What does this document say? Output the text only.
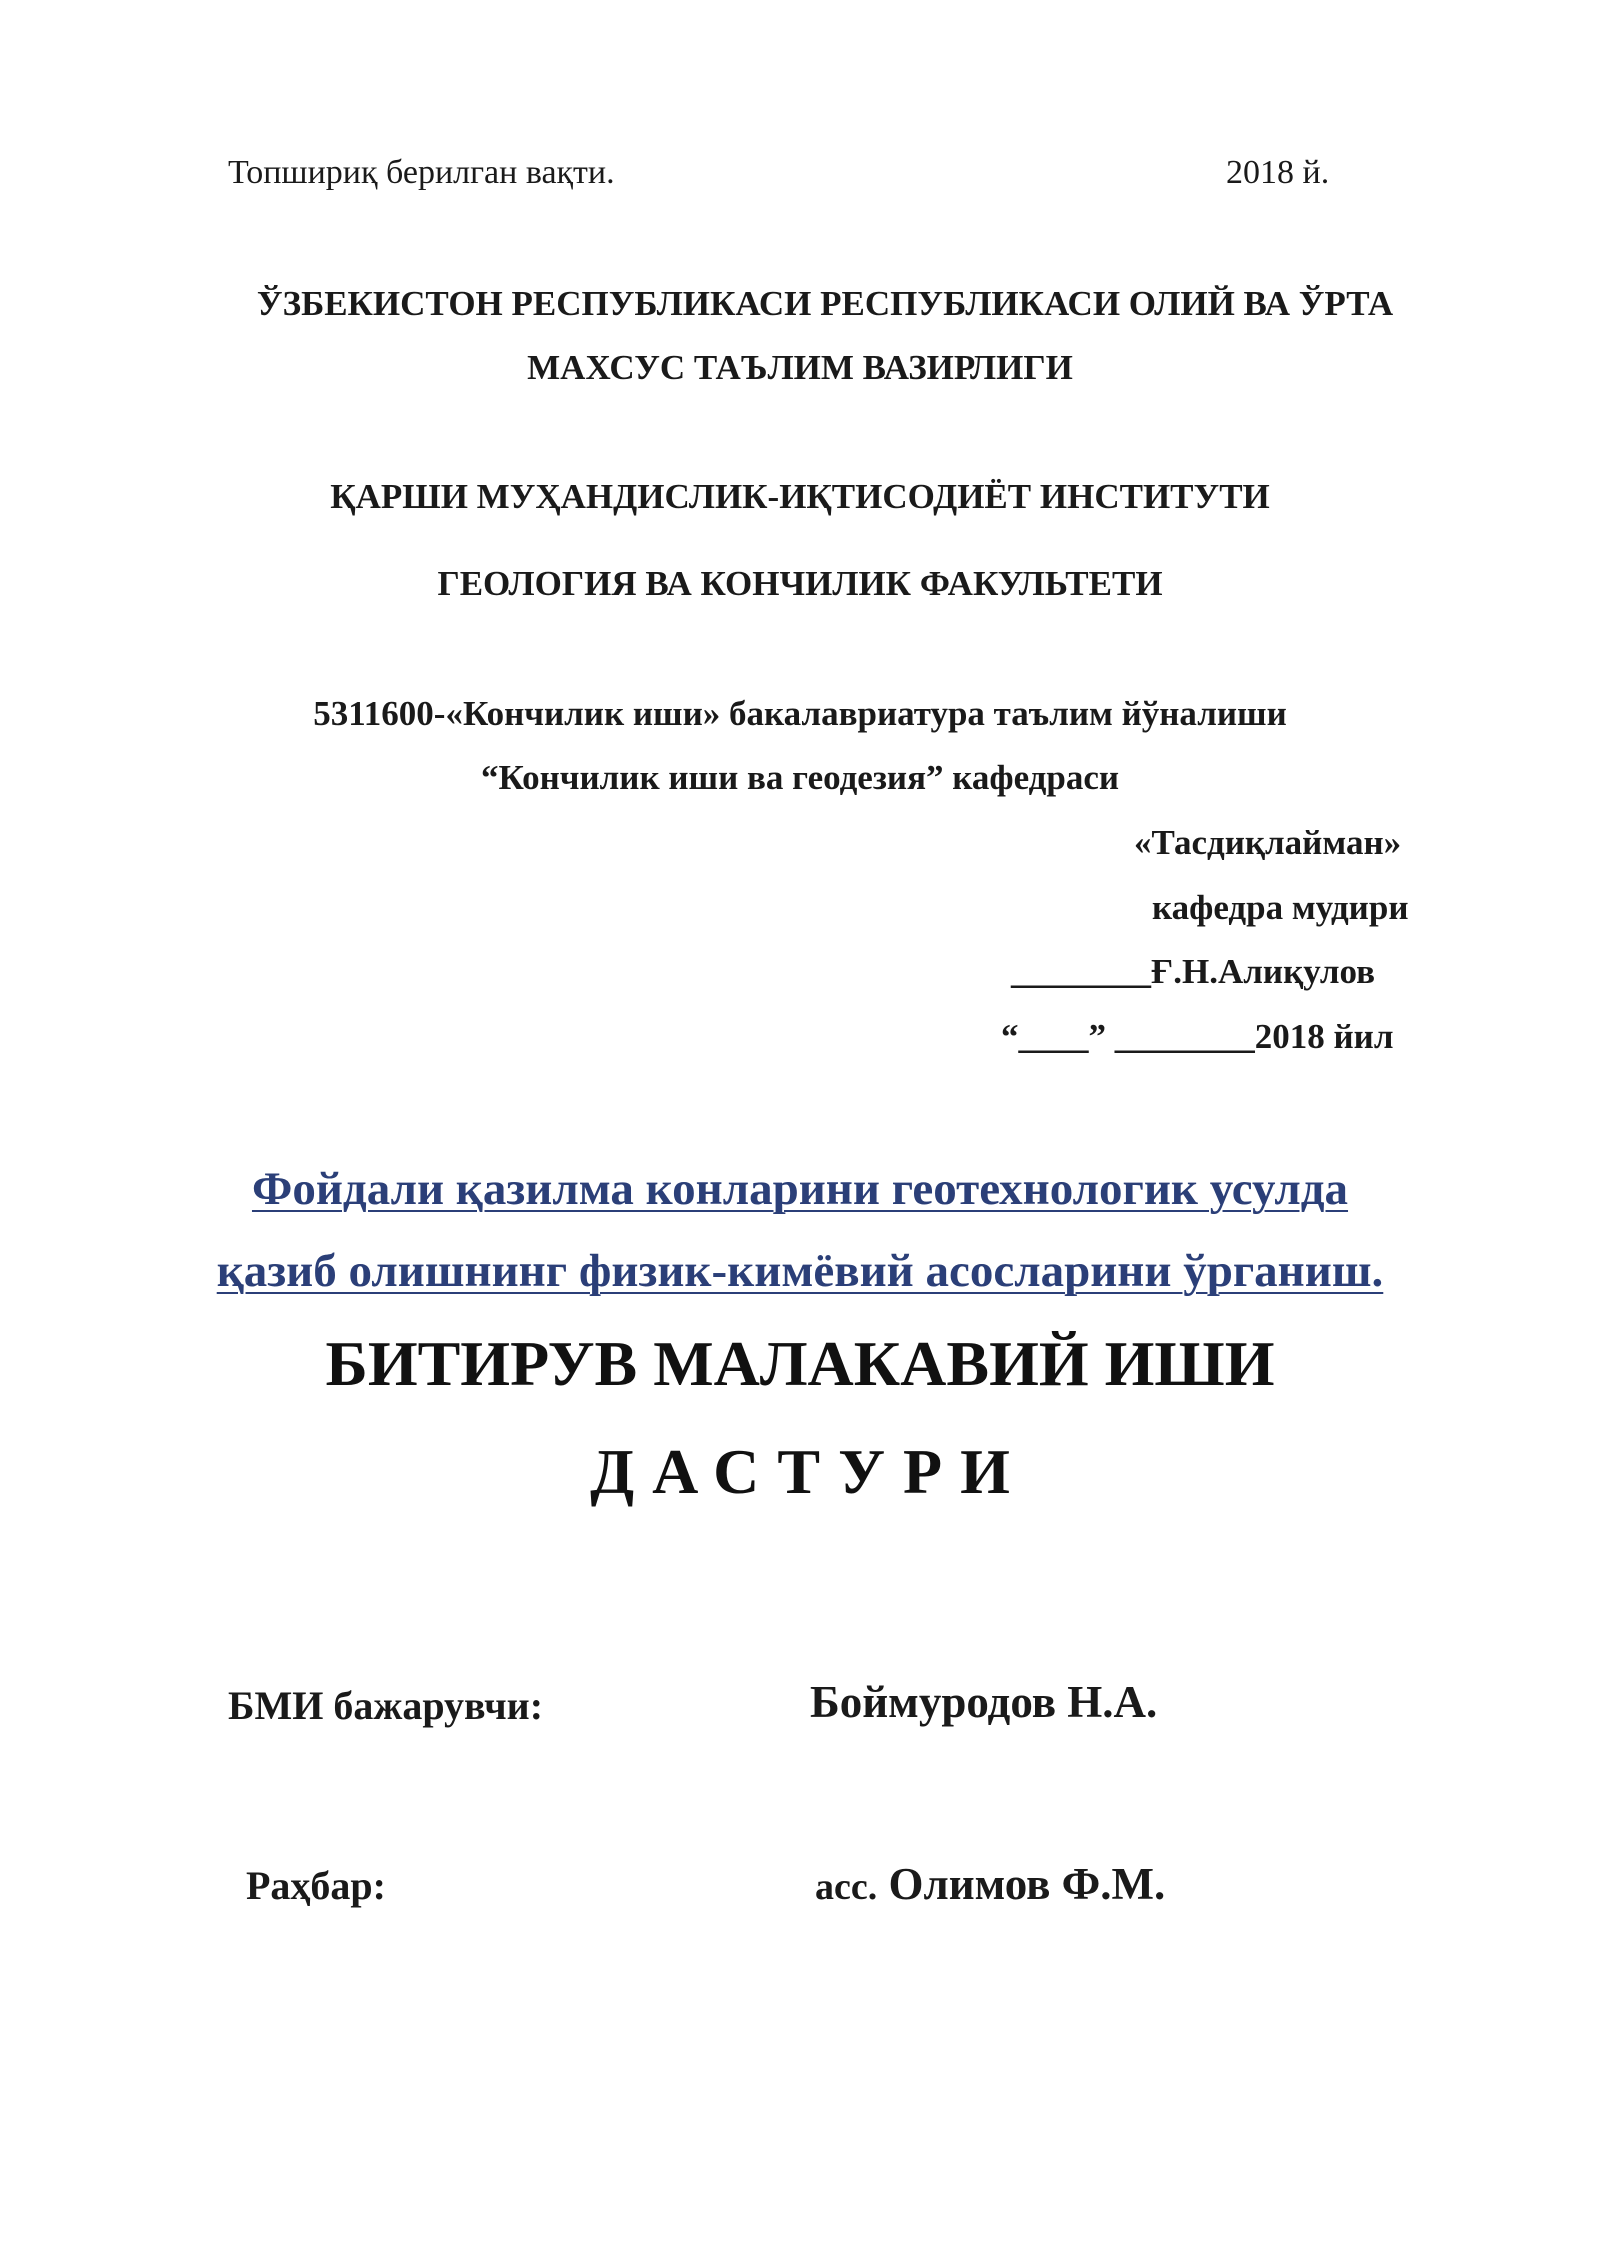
Топшириқ берилган вақти.	2018 й.
ЎЗБЕКИСТОН РЕСПУБЛИКАСИ РЕСПУБЛИКАСИ ОЛИЙ ВА ЎРТА
МАХСУС ТАЪЛИМ ВАЗИРЛИГИ
ҚАРШИ МУҲАНДИСЛИК-ИҚТИСОДИЁТ ИНСТИТУТИ
ГЕОЛОГИЯ ВА КОНЧИЛИК ФАКУЛЬТЕТИ
5311600-«Кончилик иши» бакалавриатура таълим йўналиши
“Кончилик иши ва геодезия” кафедраси
«Тасдиқлайман»
кафедра мудири
________Ғ.Н.Алиқулов
“____” ________2018 йил
Фойдали қазилма конларини геотехнологик усулда
қазиб олишнинг физик-кимёвий асосларини ўрганиш.
БИТИРУВ МАЛАКАВИЙ ИШИ
ДАСТУРИ
БМИ бажарувчи:	Боймуродов Н.А.
Раҳбар:	асс. Олимов Ф.М.
